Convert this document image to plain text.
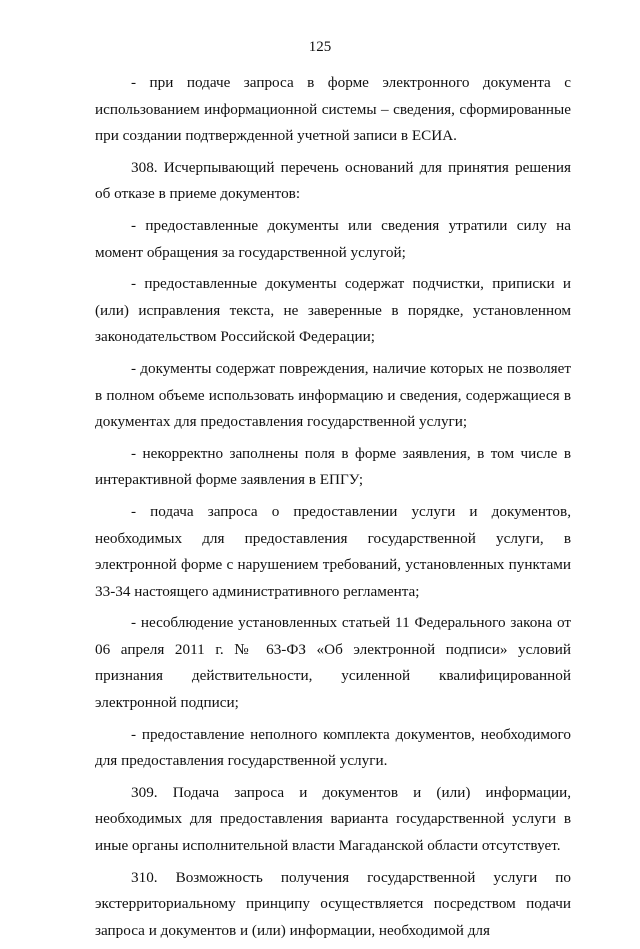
125

- при подаче запроса в форме электронного документа с использованием информационной системы – сведения, сформированные при создании подтвержденной учетной записи в ЕСИА.

308. Исчерпывающий перечень оснований для принятия решения об отказе в приеме документов:

- предоставленные документы или сведения утратили силу на момент обращения за государственной услугой;

- предоставленные документы содержат подчистки, приписки и (или) исправления текста, не заверенные в порядке, установленном законодательством Российской Федерации;

- документы содержат повреждения, наличие которых не позволяет в полном объеме использовать информацию и сведения, содержащиеся в документах для предоставления государственной услуги;

- некорректно заполнены поля в форме заявления, в том числе в интерактивной форме заявления в ЕПГУ;

- подача запроса о предоставлении услуги и документов, необходимых для предоставления государственной услуги, в электронной форме с нарушением требований, установленных пунктами 33-34 настоящего административного регламента;

- несоблюдение установленных статьей 11 Федерального закона от 06 апреля 2011 г. № 63-ФЗ «Об электронной подписи» условий признания действительности, усиленной квалифицированной электронной подписи;

- предоставление неполного комплекта документов, необходимого для предоставления государственной услуги.

309. Подача запроса и документов и (или) информации, необходимых для предоставления варианта государственной услуги в иные органы исполнительной власти Магаданской области отсутствует.

310. Возможность получения государственной услуги по экстерриториальному принципу осуществляется посредством подачи запроса и документов и (или) информации, необходимой для
